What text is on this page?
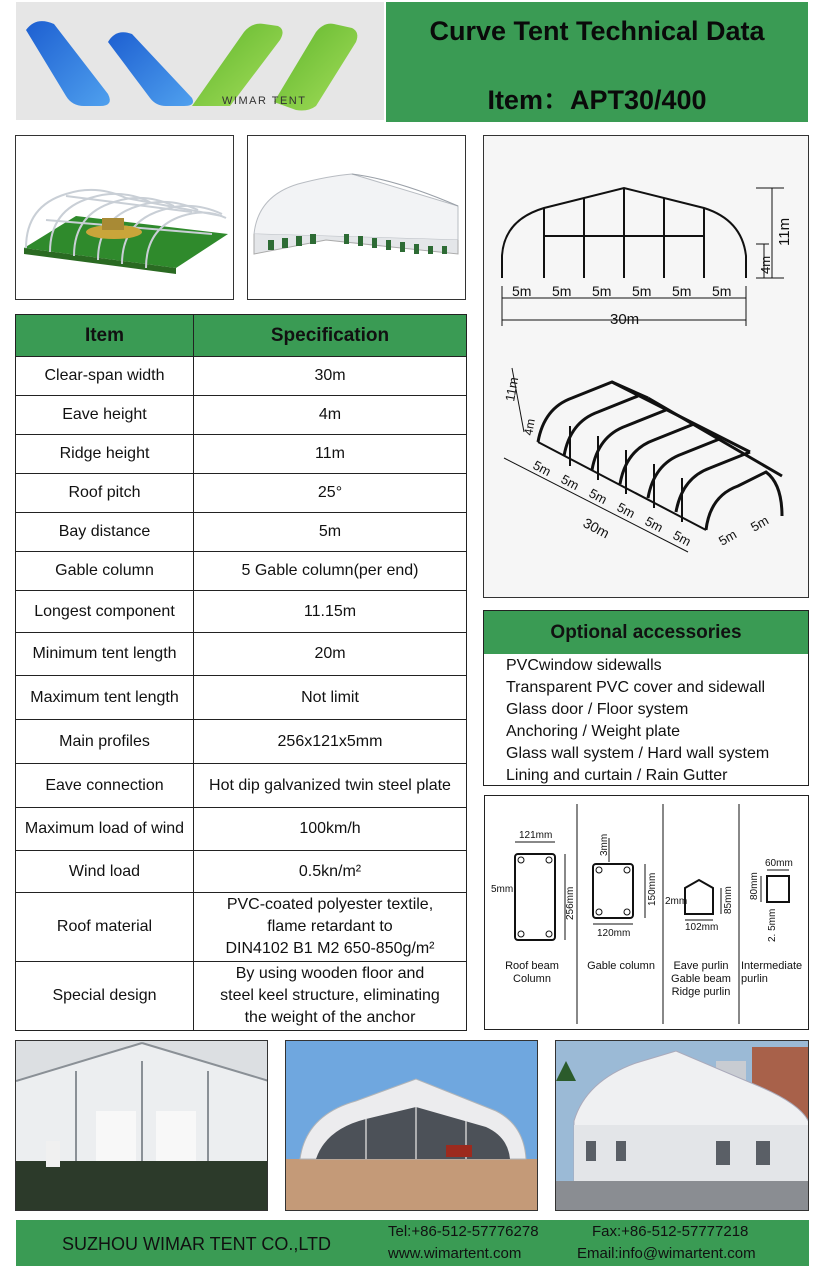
WIMAR TENT
Curve Tent Technical Data
Item：APT30/400
5m 5m 5m 5m 5m 5m
30m
4m
11m
5m
5m
5m
5m
5m
5m 5m
5m
30m
11m
4m
Item	Specification
Clear-span width	30m
Eave height	4m
Ridge height	11m
Roof pitch	25°
Bay distance	5m
Gable column	5 Gable column(per end)
Longest component	11.15m
Minimum tent length	20m
Maximum tent length	Not limit
Main profiles	256x121x5mm
Eave connection	Hot dip galvanized twin steel plate
Maximum load of wind	100km/h
Wind load	0.5kn/m²
Roof material	PVC-coated polyester textile,
flame retardant to
DIN4102 B1 M2 650-850g/m²

Special design	By using wooden floor and
steel keel structure, eliminating
the weight of the anchor
Optional accessories
PVCwindow sidewalls
Transparent PVC cover and sidewall
Glass door / Floor system
Anchoring / Weight plate
Glass wall system / Hard wall system
Lining and curtain / Rain Gutter
121mm
5mm	256mm
3mm
120mm
150mm 2mm
102mm
85mm
60mm
80mm
2. 5mm
Roof beam
Column
Gable column	Eave purlin
Gable beam
Ridge purlin
Intermediate
purlin
SUZHOU WIMAR TENT CO.,LTD
Tel:+86-512-57776278	Fax:+86-512-57777218
www.wimartent.com	Email:info@wimartent.com
